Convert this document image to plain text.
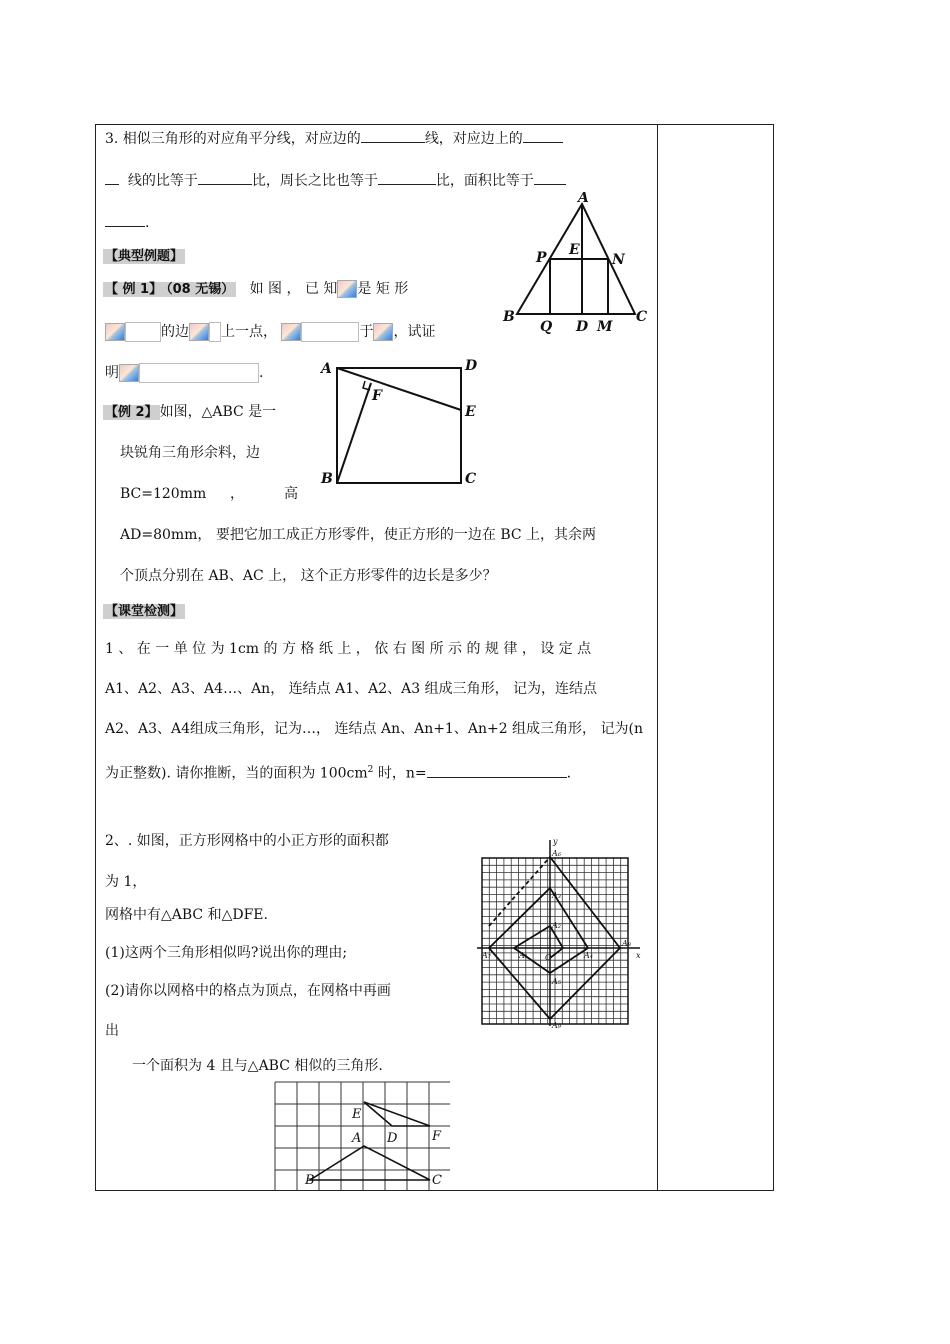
3. 相似三角形的对应角平分线，对应边的	线，对应边上的
线的比等于	比，周长之比也等于	比，面积比等于
.
【典型例题】
【 例 1】 （08 无锡） 如 图 ， 已 知 是 矩 形
的边 上一点，	于 ，试证
明	.
【例 2】 如图，△ABC 是一
块锐角三角形余料，边
BC=120mm ，	高
AD=80mm， 要把它加工成正方形零件，使正方形的一边在 BC 上，其余两
个顶点分别在 AB、AC 上， 这个正方形零件的边长是多少？
【课堂检测】
1 、 在 一 单 位 为 1cm 的 方 格 纸 上 ， 依 右 图 所 示 的 规 律 ， 设 定 点
A1、A2、A3、A4…、An， 连结点 A1、A2、A3 组成三角形， 记为，连结点
A2、A3、A4组成三角形，记为…， 连结点 An、An+1、An+2 组成三角形， 记为(n
为正整数). 请你推断，当的面积为 $100cm^2$ 时，n=	.
2、. 如图，正方形网格中的小正方形的面积都
为 1，
网格中有△ABC 和△DFE.
(1)这两个三角形相似吗?说出你的理由;
(2)请你以网格中的格点为顶点，在网格中再画
出
一个面积为 4 且与△ABC 相似的三角形.
A
P E
N
B
Q D M
C
A	D
F
E
B	C
y
x
O
A₆
A₃
A₂
A₁	A₄
A₅
A₇
A₈
A₉
E
A D	F
B	C
